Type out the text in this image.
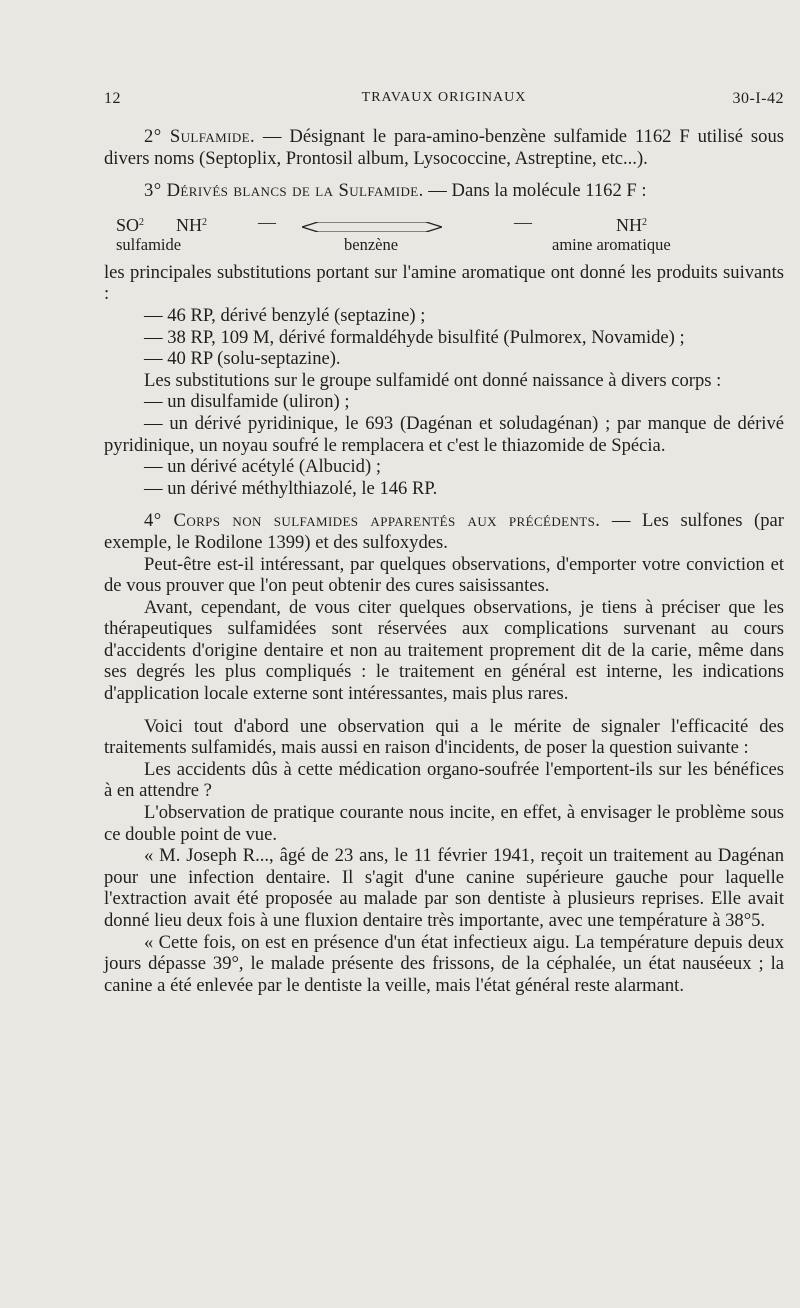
12	TRAVAUX ORIGINAUX	30-I-42

2° Sulfamide. — Désignant le para-amino-benzène sulfamide 1162 F utilisé sous divers noms (Septoplix, Prontosil album, Lysococcine, Astreptine, etc...).

3° Dérivés blancs de la Sulfamide. — Dans la molécule 1162 F :

$SO^2$ $NH^2$	—	—	$NH^2$
sulfamide	benzène	amine aromatique

les principales substitutions portant sur l'amine aromatique ont donné les produits suivants :

— 46 RP, dérivé benzylé (septazine) ;

— 38 RP, 109 M, dérivé formaldéhyde bisulfité (Pulmorex, Novamide) ;

— 40 RP (solu-septazine).

Les substitutions sur le groupe sulfamidé ont donné naissance à divers corps :

— un disulfamide (uliron) ;

— un dérivé pyridinique, le 693 (Dagénan et soludagénan) ; par manque de dérivé pyridinique, un noyau soufré le remplacera et c'est le thiazomide de Spécia.

— un dérivé acétylé (Albucid) ;

— un dérivé méthylthiazolé, le 146 RP.

4° Corps non sulfamides apparentés aux précédents. — Les sulfones (par exemple, le Rodilone 1399) et des sulfoxydes.

Peut-être est-il intéressant, par quelques observations, d'emporter votre conviction et de vous prouver que l'on peut obtenir des cures saisissantes.

Avant, cependant, de vous citer quelques observations, je tiens à préciser que les thérapeutiques sulfamidées sont réservées aux complications survenant au cours d'accidents d'origine dentaire et non au traitement proprement dit de la carie, même dans ses degrés les plus compliqués : le traitement en général est interne, les indications d'application locale externe sont intéressantes, mais plus rares.

Voici tout d'abord une observation qui a le mérite de signaler l'efficacité des traitements sulfamidés, mais aussi en raison d'incidents, de poser la question suivante :

Les accidents dûs à cette médication organo-soufrée l'emportent-ils sur les bénéfices à en attendre ?

L'observation de pratique courante nous incite, en effet, à envisager le problème sous ce double point de vue.

« M. Joseph R..., âgé de 23 ans, le 11 février 1941, reçoit un traitement au Dagénan pour une infection dentaire. Il s'agit d'une canine supérieure gauche pour laquelle l'extraction avait été proposée au malade par son dentiste à plusieurs reprises. Elle avait donné lieu deux fois à une fluxion dentaire très importante, avec une température à 38°5.

« Cette fois, on est en présence d'un état infectieux aigu. La température depuis deux jours dépasse 39°, le malade présente des frissons, de la céphalée, un état nauséeux ; la canine a été enlevée par le dentiste la veille, mais l'état général reste alarmant.
